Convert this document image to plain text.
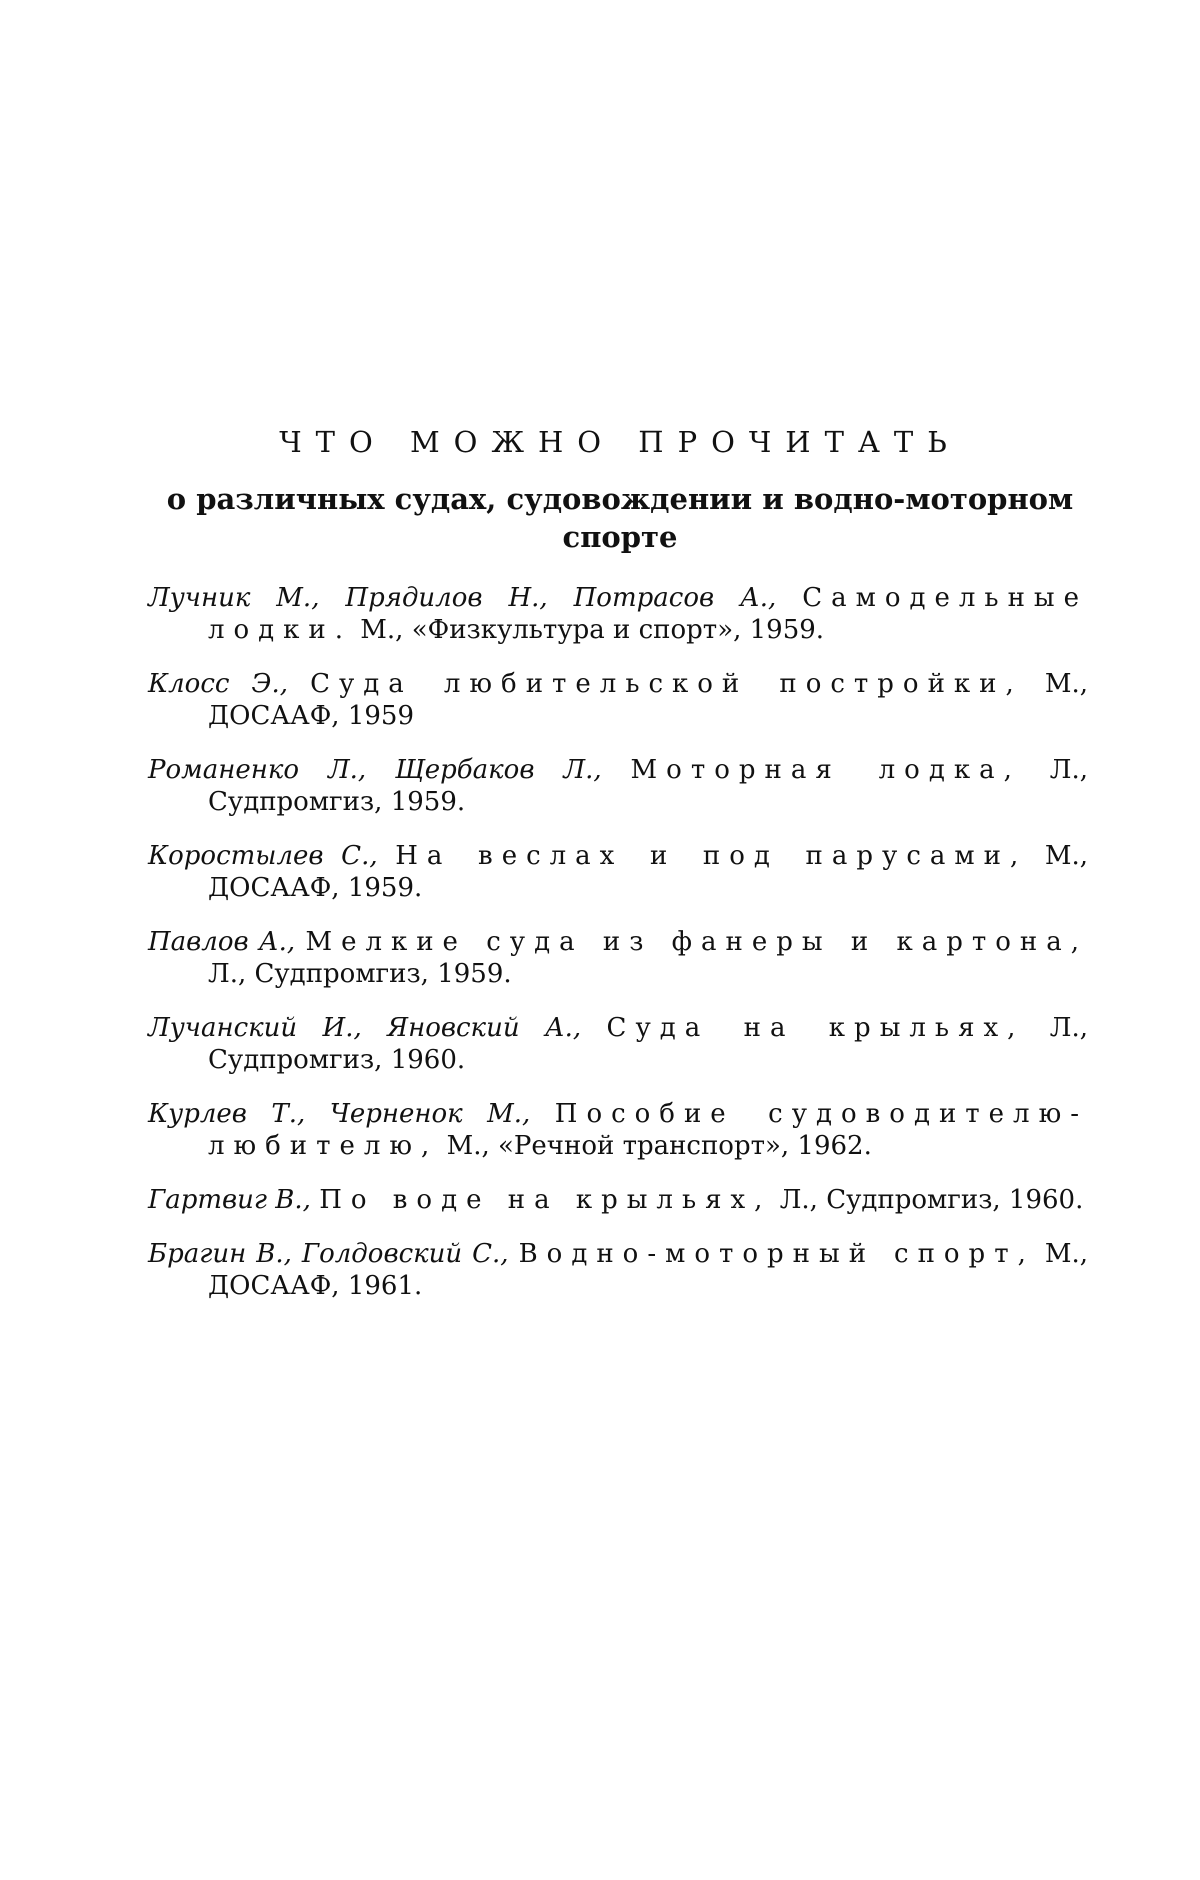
ЧТО МОЖНО ПРОЧИТАТЬ
о различных судах, судовождении и водно-моторном спорте

Лучник М., Прядилов Н., Потрасов А., Самодельные лодки. М., «Физкультура и спорт», 1959.

Клосс Э., Суда любительской постройки, М., ДОСААФ, 1959

Романенко Л., Щербаков Л., Моторная лодка, Л., Судпромгиз, 1959.

Коростылев С., На веслах и под парусами, М., ДОСААФ, 1959.

Павлов А., Мелкие суда из фанеры и картона, Л., Судпромгиз, 1959.

Лучанский И., Яновский А., Суда на крыльях, Л., Судпромгиз, 1960.

Курлев Т., Черненок М., Пособие судоводителю-любителю, М., «Речной транспорт», 1962.

Гартвиг В., По воде на крыльях, Л., Судпромгиз, 1960.

Брагин В., Голдовский С., Водно-моторный спорт, М., ДОСААФ, 1961.
